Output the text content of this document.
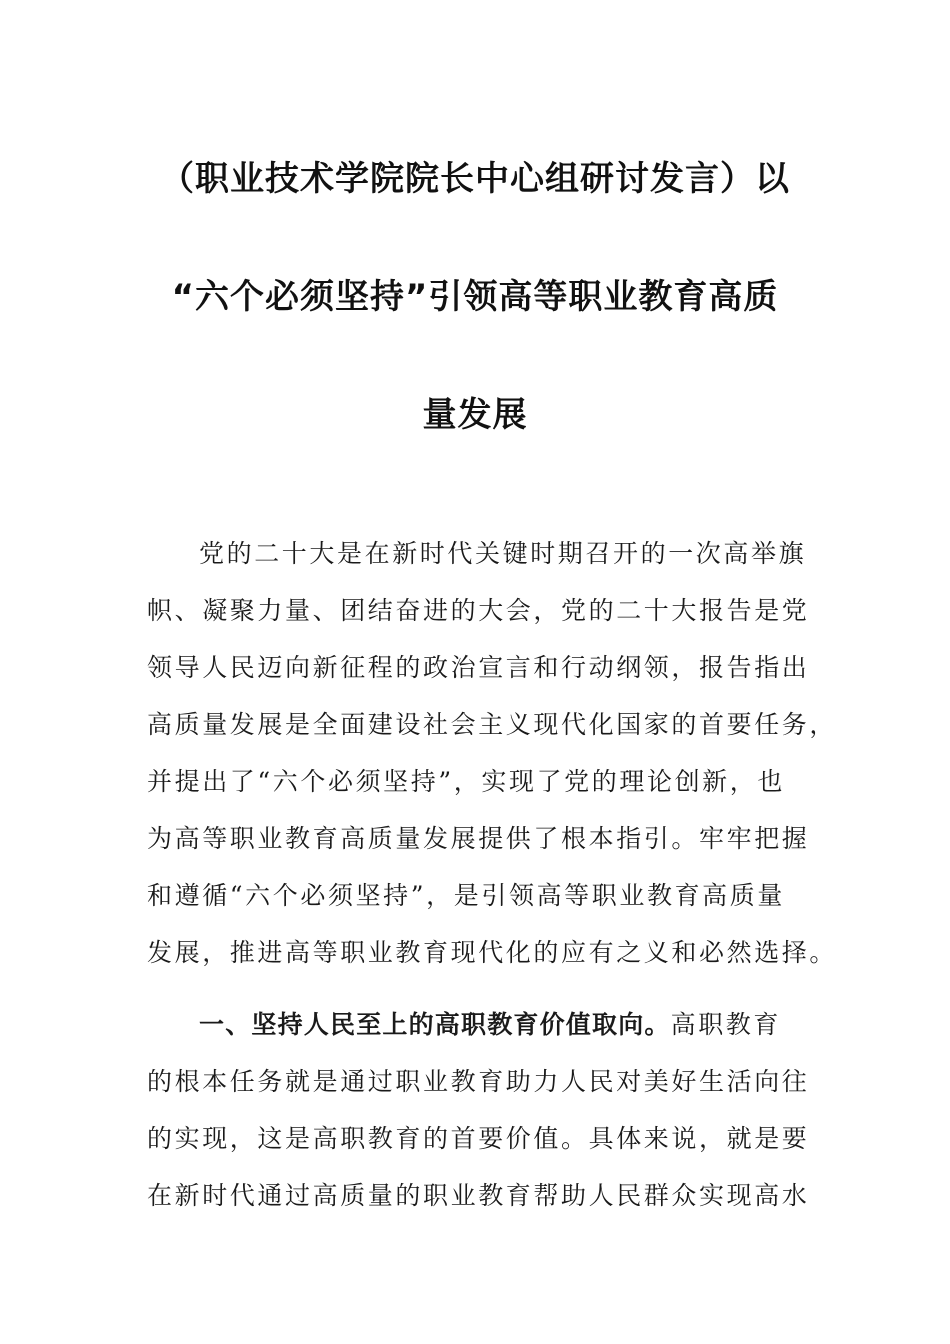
（职业技术学院院长中心组研讨发言）以
“六个必须坚持”引领高等职业教育高质
量发展
党的二十大是在新时代关键时期召开的一次高举旗
帜、凝聚力量、团结奋进的大会，党的二十大报告是党
领导人民迈向新征程的政治宣言和行动纲领，报告指出
高质量发展是全面建设社会主义现代化国家的首要任务，
并提出了“六个必须坚持”，实现了党的理论创新，也
为高等职业教育高质量发展提供了根本指引。牢牢把握
和遵循“六个必须坚持”，是引领高等职业教育高质量
发展，推进高等职业教育现代化的应有之义和必然选择。
一、坚持人民至上的高职教育价值取向。高职教育
的根本任务就是通过职业教育助力人民对美好生活向往
的实现，这是高职教育的首要价值。具体来说，就是要
在新时代通过高质量的职业教育帮助人民群众实现高水
